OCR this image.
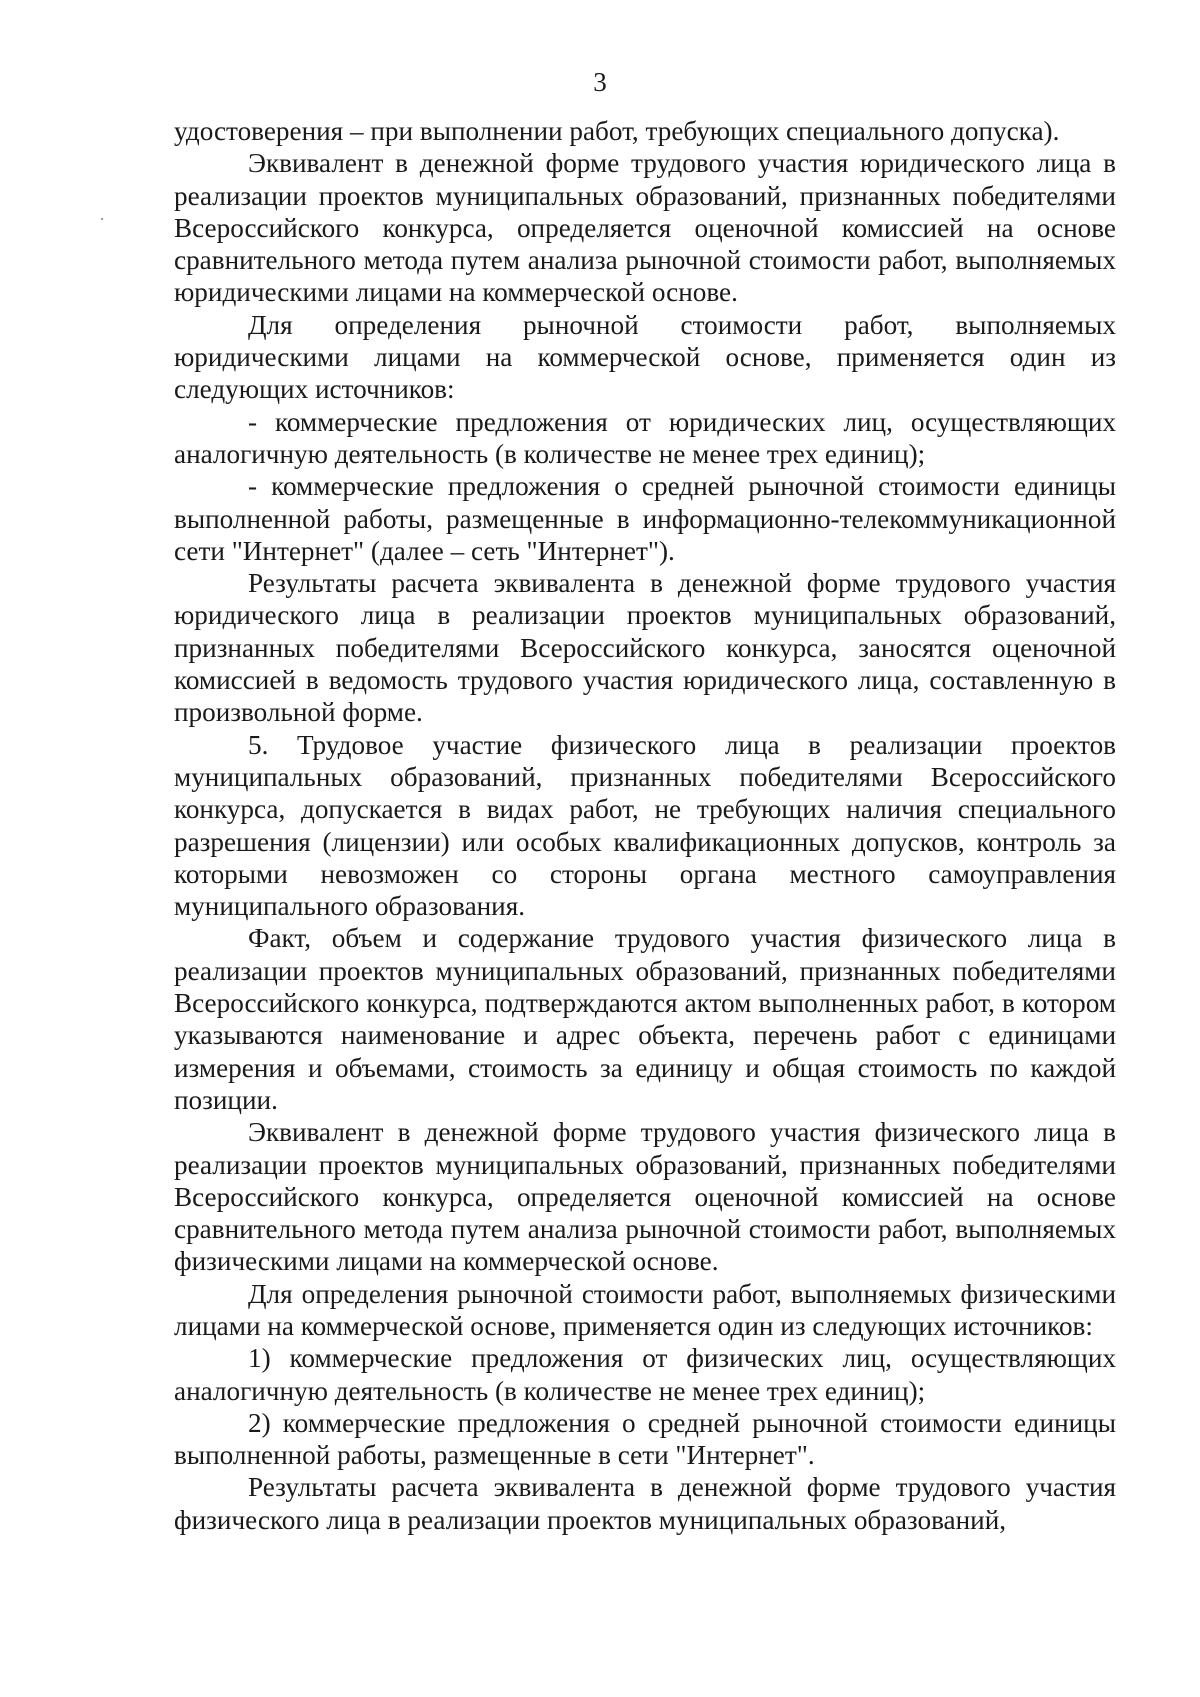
3

удостоверения – при выполнении работ, требующих специального допуска).

Эквивалент в денежной форме трудового участия юридического лица в реализации проектов муниципальных образований, признанных победителями Всероссийского конкурса, определяется оценочной комиссией на основе сравнительного метода путем анализа рыночной стоимости работ, выполняемых юридическими лицами на коммерческой основе.

Для определения рыночной стоимости работ, выполняемых юридическими лицами на коммерческой основе, применяется один из следующих источников:

- коммерческие предложения от юридических лиц, осуществляющих аналогичную деятельность (в количестве не менее трех единиц);

- коммерческие предложения о средней рыночной стоимости единицы выполненной работы, размещенные в информационно-телекоммуникационной сети "Интернет" (далее – сеть "Интернет").

Результаты расчета эквивалента в денежной форме трудового участия юридического лица в реализации проектов муниципальных образований, признанных победителями Всероссийского конкурса, заносятся оценочной комиссией в ведомость трудового участия юридического лица, составленную в произвольной форме.

5. Трудовое участие физического лица в реализации проектов муниципальных образований, признанных победителями Всероссийского конкурса, допускается в видах работ, не требующих наличия специального разрешения (лицензии) или особых квалификационных допусков, контроль за которыми невозможен со стороны органа местного самоуправления муниципального образования.

Факт, объем и содержание трудового участия физического лица в реализации проектов муниципальных образований, признанных победителями Всероссийского конкурса, подтверждаются актом выполненных работ, в котором указываются наименование и адрес объекта, перечень работ с единицами измерения и объемами, стоимость за единицу и общая стоимость по каждой позиции.

Эквивалент в денежной форме трудового участия физического лица в реализации проектов муниципальных образований, признанных победителями Всероссийского конкурса, определяется оценочной комиссией на основе сравнительного метода путем анализа рыночной стоимости работ, выполняемых физическими лицами на коммерческой основе.

Для определения рыночной стоимости работ, выполняемых физическими лицами на коммерческой основе, применяется один из следующих источников:

1) коммерческие предложения от физических лиц, осуществляющих аналогичную деятельность (в количестве не менее трех единиц);

2) коммерческие предложения о средней рыночной стоимости единицы выполненной работы, размещенные в сети "Интернет".

Результаты расчета эквивалента в денежной форме трудового участия физического лица в реализации проектов муниципальных образований,
